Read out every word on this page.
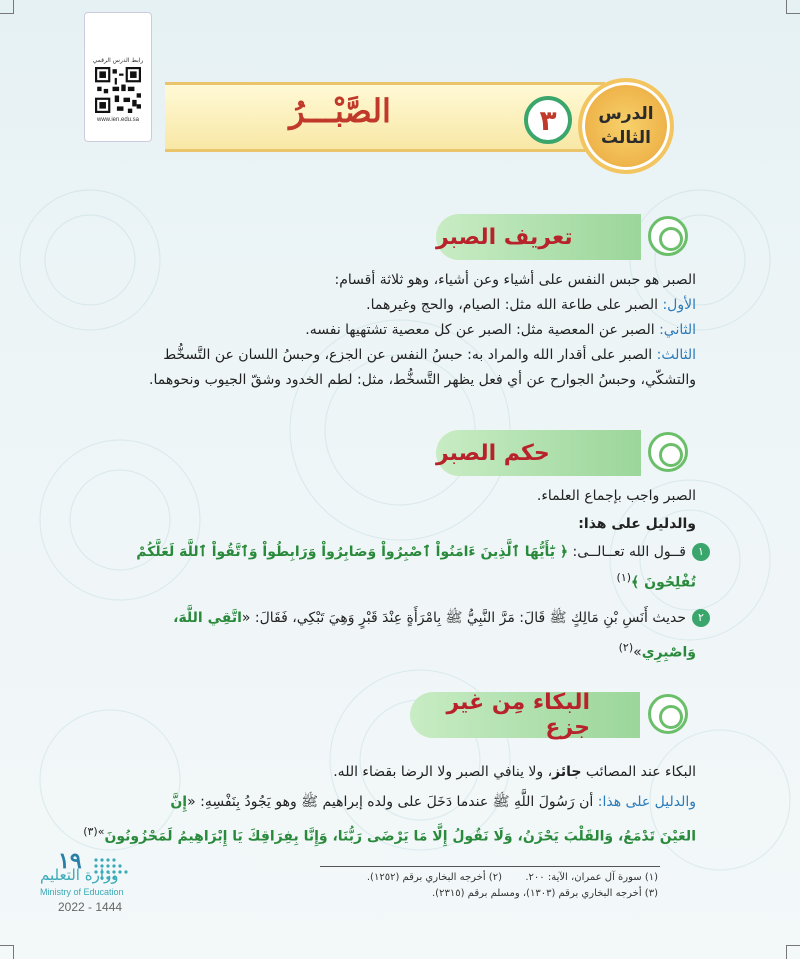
رابط الدرس الرقمي
www.ien.edu.sa	الصَّبْـــرُ	٣	الدرس
الثالث
تعريف الصبر
الصبر هو حبس النفس على أشياء وعن أشياء، وهو ثلاثة أقسام:
الأول: الصبر على طاعة الله مثل: الصيام، والحج وغيرهما.
الثاني: الصبر عن المعصية مثل: الصبر عن كل معصية تشتهيها نفسه.
الثالث: الصبر على أقدار الله والمراد به: حبسُ النفس عن الجزع، وحبسُ اللسان عن التَّسخُّط
والتشكّي، وحبسُ الجوارح عن أي فعل يظهر التَّسخُّط، مثل: لطم الخدود وشقّ الجيوب ونحوهما.
حكم الصبر
الصبر واجب بإجماع العلماء.
والدليل على هذا:
١قــول الله تعــالــى: ﴿ يَٰٓأَيُّهَا ٱلَّذِينَ ءَامَنُواْ ٱصْبِرُواْ وَصَابِرُواْ وَرَابِطُواْ وَٱتَّقُواْ ٱللَّهَ لَعَلَّكُمْ
تُفْلِحُونَ ﴾$^{(١)}$
٢حديث أَنَسِ بْنِ مَالِكٍ ﷺ قَالَ: مَرَّ النَّبِيُّ ﷺ بِامْرَأَةٍ عِنْدَ قَبْرٍ وَهِيَ تَبْكِي، فَقَالَ: «اتَّقِي اللَّهَ،
وَاصْبِرِي»$^{(٢)}$
البكاء مِن غير جزع
البكاء عند المصائب جائز، ولا ينافي الصبر ولا الرضا بقضاء الله.
والدليل على هذا: أن رَسُولَ اللَّهِ ﷺ عندما دَخَلَ على ولده إبراهيم ﷺ وهو يَجُودُ بِنَفْسِهِ: «إِنَّ
العَيْنَ تَدْمَعُ، وَالقَلْبَ يَحْزَنُ، وَلَا نَقُولُ إِلَّا مَا يَرْضَى رَبُّنَا، وَإِنَّا بِفِرَاقِكَ يَا إِبْرَاهِيمُ لَمَحْزُونُونَ$^{»(٣)}$
(١) سورة آل عمران، الآية: ٢٠٠.
(٢) أخرجه البخاري برقم (١٢٥٢).
(٣) أخرجه البخاري برقم (١٣٠٣)، ومسلم برقم (٢٣١٥).
١٩
وزارة التعليم
Ministry of Education
2022 - 1444
